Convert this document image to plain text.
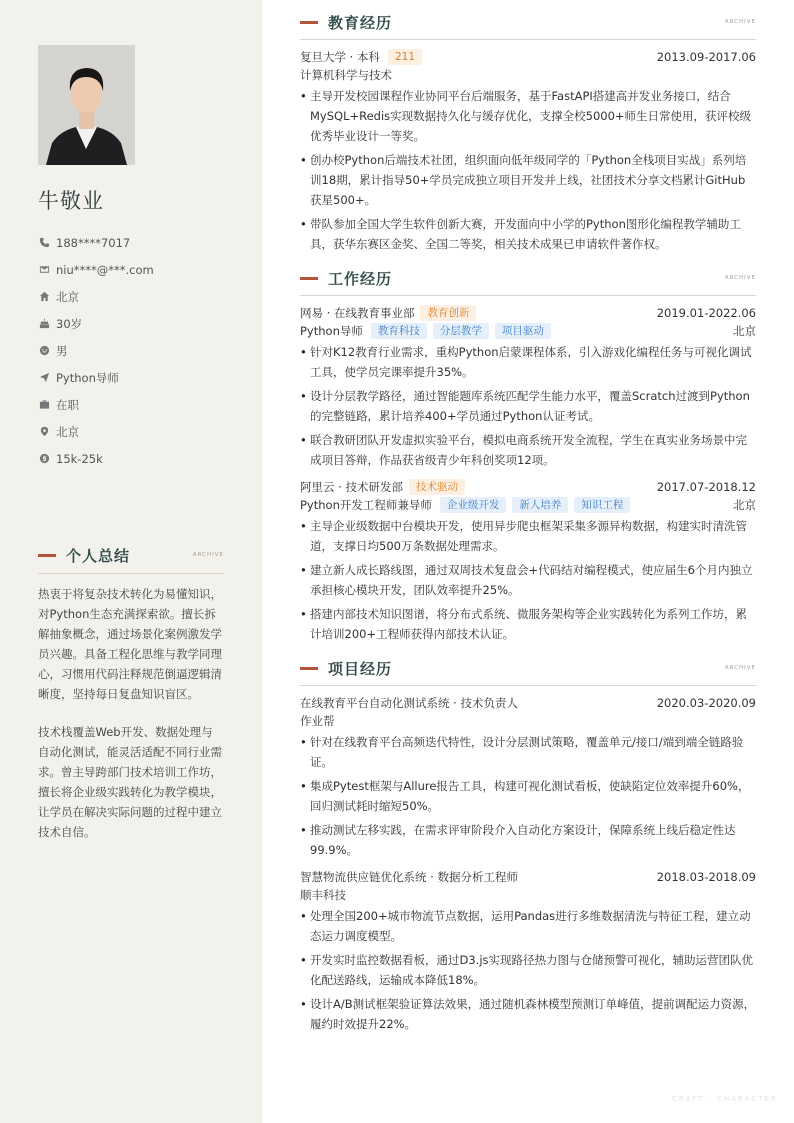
牛敬业
188****7017
niu****@***.com
北京
30岁
男
Python导师
在职
北京
15k-25k
个人总结	ARCHIVE

热衷于将复杂技术转化为易懂知识，对Python生态充满探索欲。擅长拆解抽象概念，通过场景化案例激发学员兴趣。具备工程化思维与教学同理心，习惯用代码注释规范倒逼逻辑清晰度，坚持每日复盘知识盲区。

技术栈覆盖Web开发、数据处理与自动化测试，能灵活适配不同行业需求。曾主导跨部门技术培训工作坊，擅长将企业级实践转化为教学模块，让学员在解决实际问题的过程中建立技术自信。

教育经历	ARCHIVE
复旦大学 · 本科	211	2013.09-2017.06
计算机科学与技术
• 主导开发校园课程作业协同平台后端服务，基于FastAPI搭建高并发业务接口，结合MySQL+Redis实现数据持久化与缓存优化，支撑全校5000+师生日常使用，获评校级优秀毕业设计一等奖。
• 创办校Python后端技术社团，组织面向低年级同学的「Python全栈项目实战」系列培训18期，累计指导50+学员完成独立项目开发并上线，社团技术分享文档累计GitHub获星500+。
• 带队参加全国大学生软件创新大赛，开发面向中小学的Python图形化编程教学辅助工具，获华东赛区金奖、全国二等奖，相关技术成果已申请软件著作权。
工作经历	ARCHIVE
网易 · 在线教育事业部	教育创新	2019.01-2022.06
Python导师	教育科技	分层教学	项目驱动	北京
• 针对K12教育行业需求，重构Python启蒙课程体系，引入游戏化编程任务与可视化调试工具，使学员完课率提升35%。
• 设计分层教学路径，通过智能题库系统匹配学生能力水平，覆盖Scratch过渡到Python的完整链路，累计培养400+学员通过Python认证考试。
• 联合教研团队开发虚拟实验平台，模拟电商系统开发全流程，学生在真实业务场景中完成项目答辩，作品获省级青少年科创奖项12项。
阿里云 · 技术研发部	技术驱动	2017.07-2018.12
Python开发工程师兼导师	企业级开发	新人培养	知识工程	北京
• 主导企业级数据中台模块开发，使用异步爬虫框架采集多源异构数据，构建实时清洗管道，支撑日均500万条数据处理需求。
• 建立新人成长路线图，通过双周技术复盘会+代码结对编程模式，使应届生6个月内独立承担核心模块开发，团队效率提升25%。
• 搭建内部技术知识图谱，将分布式系统、微服务架构等企业实践转化为系列工作坊，累计培训200+工程师获得内部技术认证。
项目经历	ARCHIVE
在线教育平台自动化测试系统 · 技术负责人	2020.03-2020.09
作业帮
• 针对在线教育平台高频迭代特性，设计分层测试策略，覆盖单元/接口/端到端全链路验证。
• 集成Pytest框架与Allure报告工具，构建可视化测试看板，使缺陷定位效率提升60%，回归测试耗时缩短50%。
• 推动测试左移实践，在需求评审阶段介入自动化方案设计，保障系统上线后稳定性达99.9%。
智慧物流供应链优化系统 · 数据分析工程师	2018.03-2018.09
顺丰科技
• 处理全国200+城市物流节点数据，运用Pandas进行多维数据清洗与特征工程，建立动态运力调度模型。
• 开发实时监控数据看板，通过D3.js实现路径热力图与仓储预警可视化，辅助运营团队优化配送路线，运输成本降低18%。
• 设计A/B测试框架验证算法效果，通过随机森林模型预测订单峰值，提前调配运力资源，履约时效提升22%。
CRAFT · CHARACTER
